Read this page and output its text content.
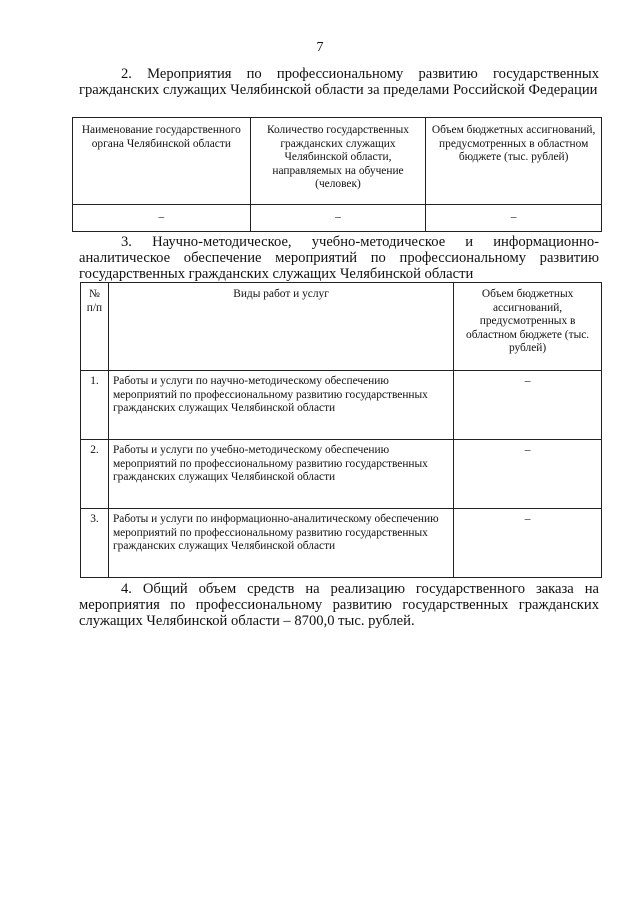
7
2. Мероприятия по профессиональному развитию государственных гражданских служащих Челябинской области за пределами Российской Федерации
Наименование государственного органа Челябинской области	Количество государственных гражданских служащих Челябинской области, направляемых на обучение (человек)	Объем бюджетных ассигнований, предусмотренных в областном бюджете (тыс. рублей)
–	–	–
3. Научно-методическое, учебно-методическое и информационно-аналитическое обеспечение мероприятий по профессиональному развитию государственных гражданских служащих Челябинской области
№ п/п	Виды работ и услуг	Объем бюджетных ассигнований, предусмотренных в областном бюджете (тыс. рублей)
1.	Работы и услуги по научно-методическому обеспечению мероприятий по профессиональному развитию государственных гражданских служащих Челябинской области	–
2.	Работы и услуги по учебно-методическому обеспечению мероприятий по профессиональному развитию государственных гражданских служащих Челябинской области	–
3.	Работы и услуги по информационно-аналитическому обеспечению мероприятий по профессиональному развитию государственных гражданских служащих Челябинской области	–
4. Общий объем средств на реализацию государственного заказа на мероприятия по профессиональному развитию государственных гражданских служащих Челябинской области – 8700,0 тыс. рублей.
